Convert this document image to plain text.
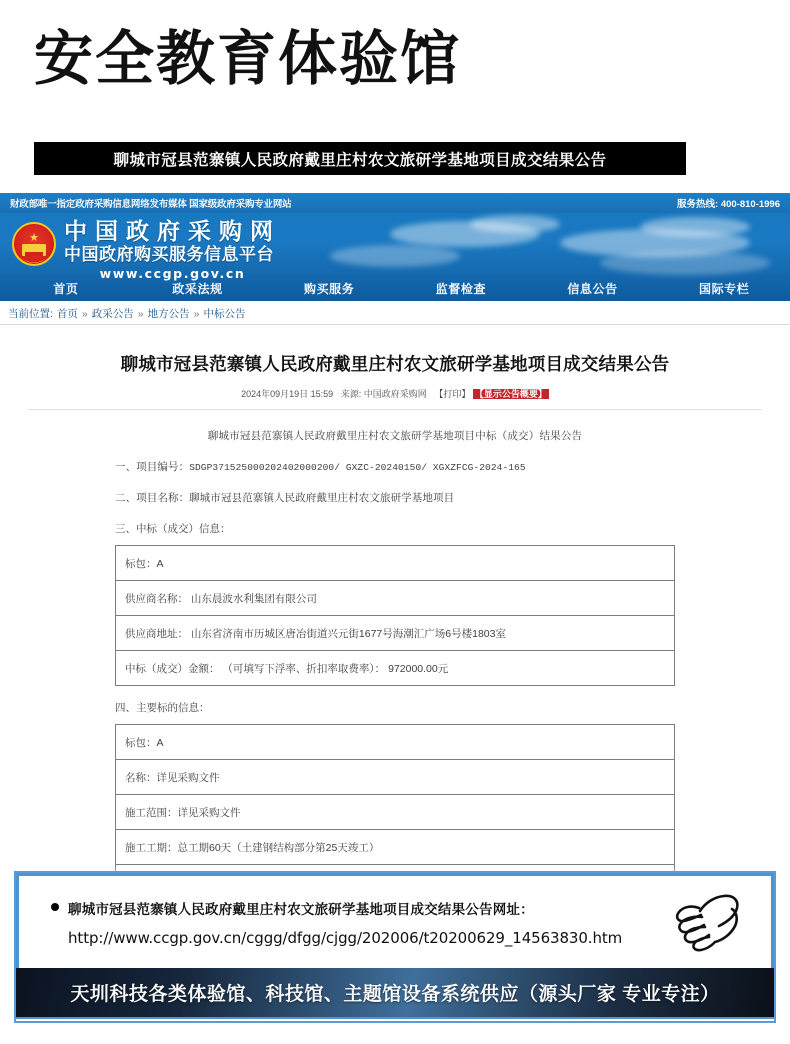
安全教育体验馆
聊城市冠县范寨镇人民政府戴里庄村农文旅研学基地项目成交结果公告
财政部唯一指定政府采购信息网络发布媒体 国家级政府采购专业网站	服务热线: 400-810-1996
★ 中国政府采购网
中国政府购买服务信息平台
www.ccgp.gov.cn
首页	政采法规	购买服务	监督检查	信息公告	国际专栏
当前位置: 首页 » 政采公告 » 地方公告 » 中标公告
聊城市冠县范寨镇人民政府戴里庄村农文旅研学基地项目成交结果公告
2024年09月19日 15:59 来源: 中国政府采购网 【打印】 【显示公告概要】
聊城市冠县范寨镇人民政府戴里庄村农文旅研学基地项目中标（成交）结果公告
一、项目编号：SDGP371525000202402000200/ GXZC-20240150/ XGXZFCG-2024-165
二、项目名称：聊城市冠县范寨镇人民政府戴里庄村农文旅研学基地项目
三、中标（成交）信息：
标包：A
供应商名称： 山东晨波水利集团有限公司
供应商地址： 山东省济南市历城区唐冶街道兴元街1677号海潮汇广场6号楼1803室
中标（成交）金额： （可填写下浮率、折扣率取费率）： 972000.00元
四、主要标的信息：
标包：A
名称：详见采购文件
施工范围：详见采购文件
施工工期：总工期60天（土建钢结构部分第25天竣工）

聊城市冠县范寨镇人民政府戴里庄村农文旅研学基地项目成交结果公告网址：
http://www.ccgp.gov.cn/cggg/dfgg/cjgg/202006/t20200629_14563830.htm
天圳科技各类体验馆、科技馆、主题馆设备系统供应（源头厂家 专业专注）
